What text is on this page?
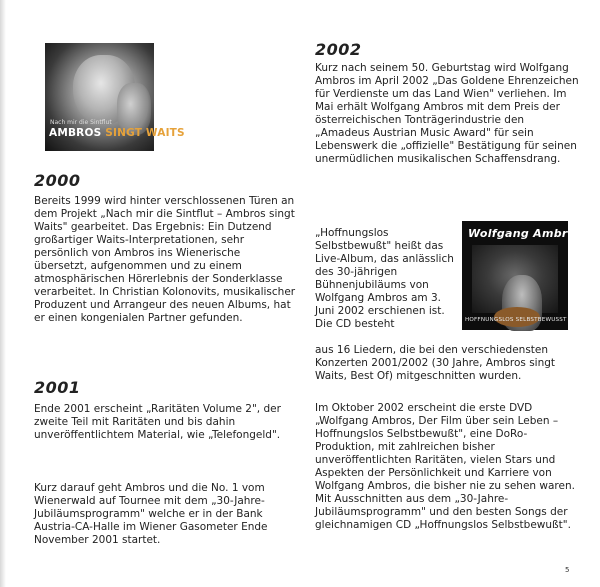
Nach mir die Sintflut
AMBROS SINGT WAITS
2000

Bereits 1999 wird hinter verschlossenen Türen an dem Projekt „Nach mir die Sintflut – Ambros singt Waits" gearbeitet. Das Ergebnis: Ein Dutzend großartiger Waits-Interpretationen, sehr persönlich von Ambros ins Wienerische übersetzt, aufgenommen und zu einem atmosphärischen Hörerlebnis der Sonderklasse verarbeitet. In Christian Kolonovits, musikalischer Produzent und Arrangeur des neuen Albums, hat er einen kongenialen Partner gefunden.

2001

Ende 2001 erscheint „Raritäten Volume 2", der zweite Teil mit Raritäten und bis dahin unveröffentlichtem Material, wie „Telefongeld".

Kurz darauf geht Ambros und die No. 1 vom Wienerwald auf Tournee mit dem „30-Jahre-Jubiläumsprogramm" welche er in der Bank Austria-CA-Halle im Wiener Gasometer Ende November 2001 startet.

2002

Kurz nach seinem 50. Geburtstag wird Wolfgang Ambros im April 2002 „Das Goldene Ehrenzeichen für Verdienste um das Land Wien" verliehen. Im Mai erhält Wolfgang Ambros mit dem Preis der österreichischen Tonträgerindustrie den „Amadeus Austrian Music Award" für sein Lebenswerk die „offizielle" Bestätigung für seinen unermüdlichen musikalischen Schaffensdrang.

„Hoffnungslos Selbstbewußt" heißt das Live-Album, das anlässlich des 30-jährigen Bühnenjubiläums von Wolfgang Ambros am 3. Juni 2002 erschienen ist. Die CD besteht

aus 16 Liedern, die bei den verschiedensten Konzerten 2001/2002 (30 Jahre, Ambros singt Waits, Best Of) mitgeschnitten wurden.

Im Oktober 2002 erscheint die erste DVD „Wolfgang Ambros, Der Film über sein Leben – Hoffnungslos Selbstbewußt", eine DoRo-Produktion, mit zahlreichen bisher unveröffentlichten Raritäten, vielen Stars und Aspekten der Persönlichkeit und Karriere von Wolfgang Ambros, die bisher nie zu sehen waren. Mit Ausschnitten aus dem „30-Jahre-Jubiläumsprogramm" und den besten Songs der gleichnamigen CD „Hoffnungslos Selbstbewußt".

Wolfgang Ambros
HOFFNUNGSLOS SELBSTBEWUSST
5
